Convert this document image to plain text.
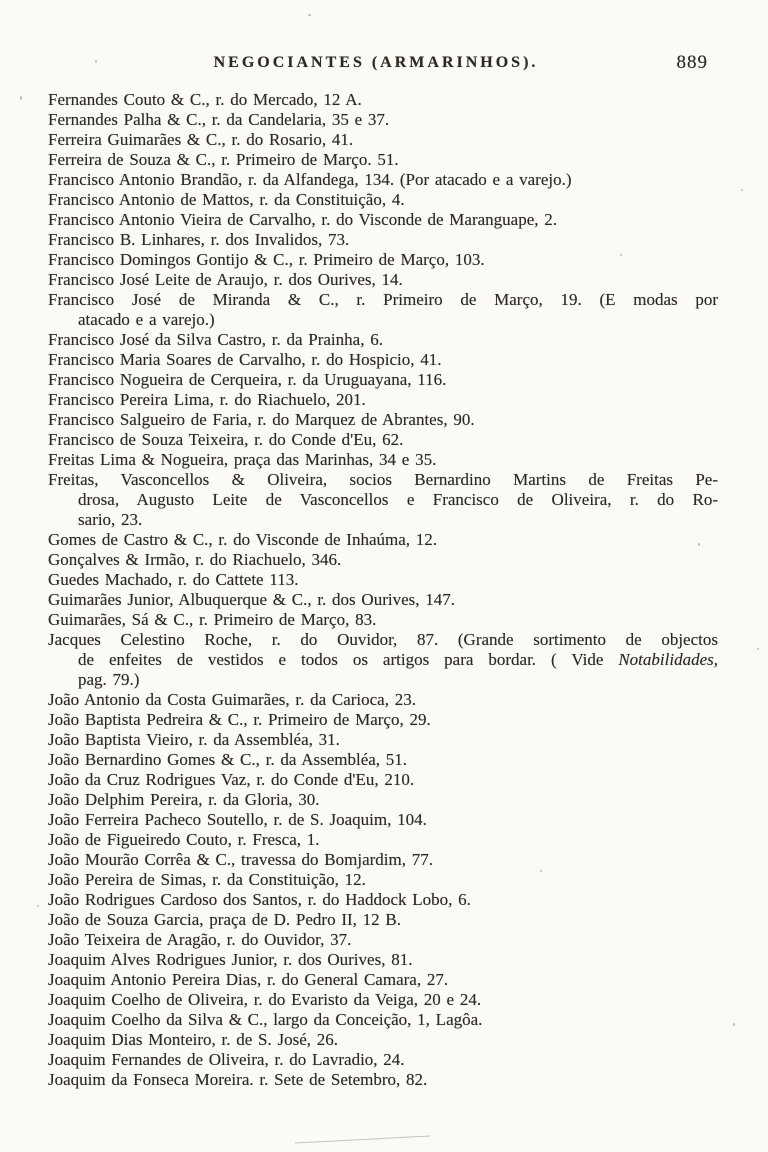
NEGOCIANTES (ARMARINHOS).	889
Fernandes Couto & C., r. do Mercado, 12 A.
Fernandes Palha & C., r. da Candelaria, 35 e 37.
Ferreira Guimarães & C., r. do Rosario, 41.
Ferreira de Souza & C., r. Primeiro de Março. 51.
Francisco Antonio Brandão, r. da Alfandega, 134. (Por atacado e a varejo.)
Francisco Antonio de Mattos, r. da Constituição, 4.
Francisco Antonio Vieira de Carvalho, r. do Visconde de Maranguape, 2.
Francisco B. Linhares, r. dos Invalidos, 73.
Francisco Domingos Gontijo & C., r. Primeiro de Março, 103.
Francisco José Leite de Araujo, r. dos Ourives, 14.
Francisco José de Miranda & C., r. Primeiro de Março, 19. (E modas por
atacado e a varejo.)
Francisco José da Silva Castro, r. da Prainha, 6.
Francisco Maria Soares de Carvalho, r. do Hospicio, 41.
Francisco Nogueira de Cerqueira, r. da Uruguayana, 116.
Francisco Pereira Lima, r. do Riachuelo, 201.
Francisco Salgueiro de Faria, r. do Marquez de Abrantes, 90.
Francisco de Souza Teixeira, r. do Conde d'Eu, 62.
Freitas Lima & Nogueira, praça das Marinhas, 34 e 35.
Freitas, Vasconcellos & Oliveira, socios Bernardino Martins de Freitas Pe-
drosa, Augusto Leite de Vasconcellos e Francisco de Oliveira, r. do Ro-
sario, 23.
Gomes de Castro & C., r. do Visconde de Inhaúma, 12.
Gonçalves & Irmão, r. do Riachuelo, 346.
Guedes Machado, r. do Cattete 113.
Guimarães Junior, Albuquerque & C., r. dos Ourives, 147.
Guimarães, Sá & C., r. Primeiro de Março, 83.
Jacques Celestino Roche, r. do Ouvidor, 87. (Grande sortimento de objectos
de enfeites de vestidos e todos os artigos para bordar. ( Vide Notabilidades,
pag. 79.)
João Antonio da Costa Guimarães, r. da Carioca, 23.
João Baptista Pedreira & C., r. Primeiro de Março, 29.
João Baptista Vieiro, r. da Assembléa, 31.
João Bernardino Gomes & C., r. da Assembléa, 51.
João da Cruz Rodrigues Vaz, r. do Conde d'Eu, 210.
João Delphim Pereira, r. da Gloria, 30.
João Ferreira Pacheco Soutello, r. de S. Joaquim, 104.
João de Figueiredo Couto, r. Fresca, 1.
João Mourão Corrêa & C., travessa do Bomjardim, 77.
João Pereira de Simas, r. da Constituição, 12.
João Rodrigues Cardoso dos Santos, r. do Haddock Lobo, 6.
João de Souza Garcia, praça de D. Pedro II, 12 B.
João Teixeira de Aragão, r. do Ouvidor, 37.
Joaquim Alves Rodrigues Junior, r. dos Ourives, 81.
Joaquim Antonio Pereira Dias, r. do General Camara, 27.
Joaquim Coelho de Oliveira, r. do Evaristo da Veiga, 20 e 24.
Joaquim Coelho da Silva & C., largo da Conceição, 1, Lagôa.
Joaquim Dias Monteiro, r. de S. José, 26.
Joaquim Fernandes de Oliveira, r. do Lavradio, 24.
Joaquim da Fonseca Moreira. r. Sete de Setembro, 82.
